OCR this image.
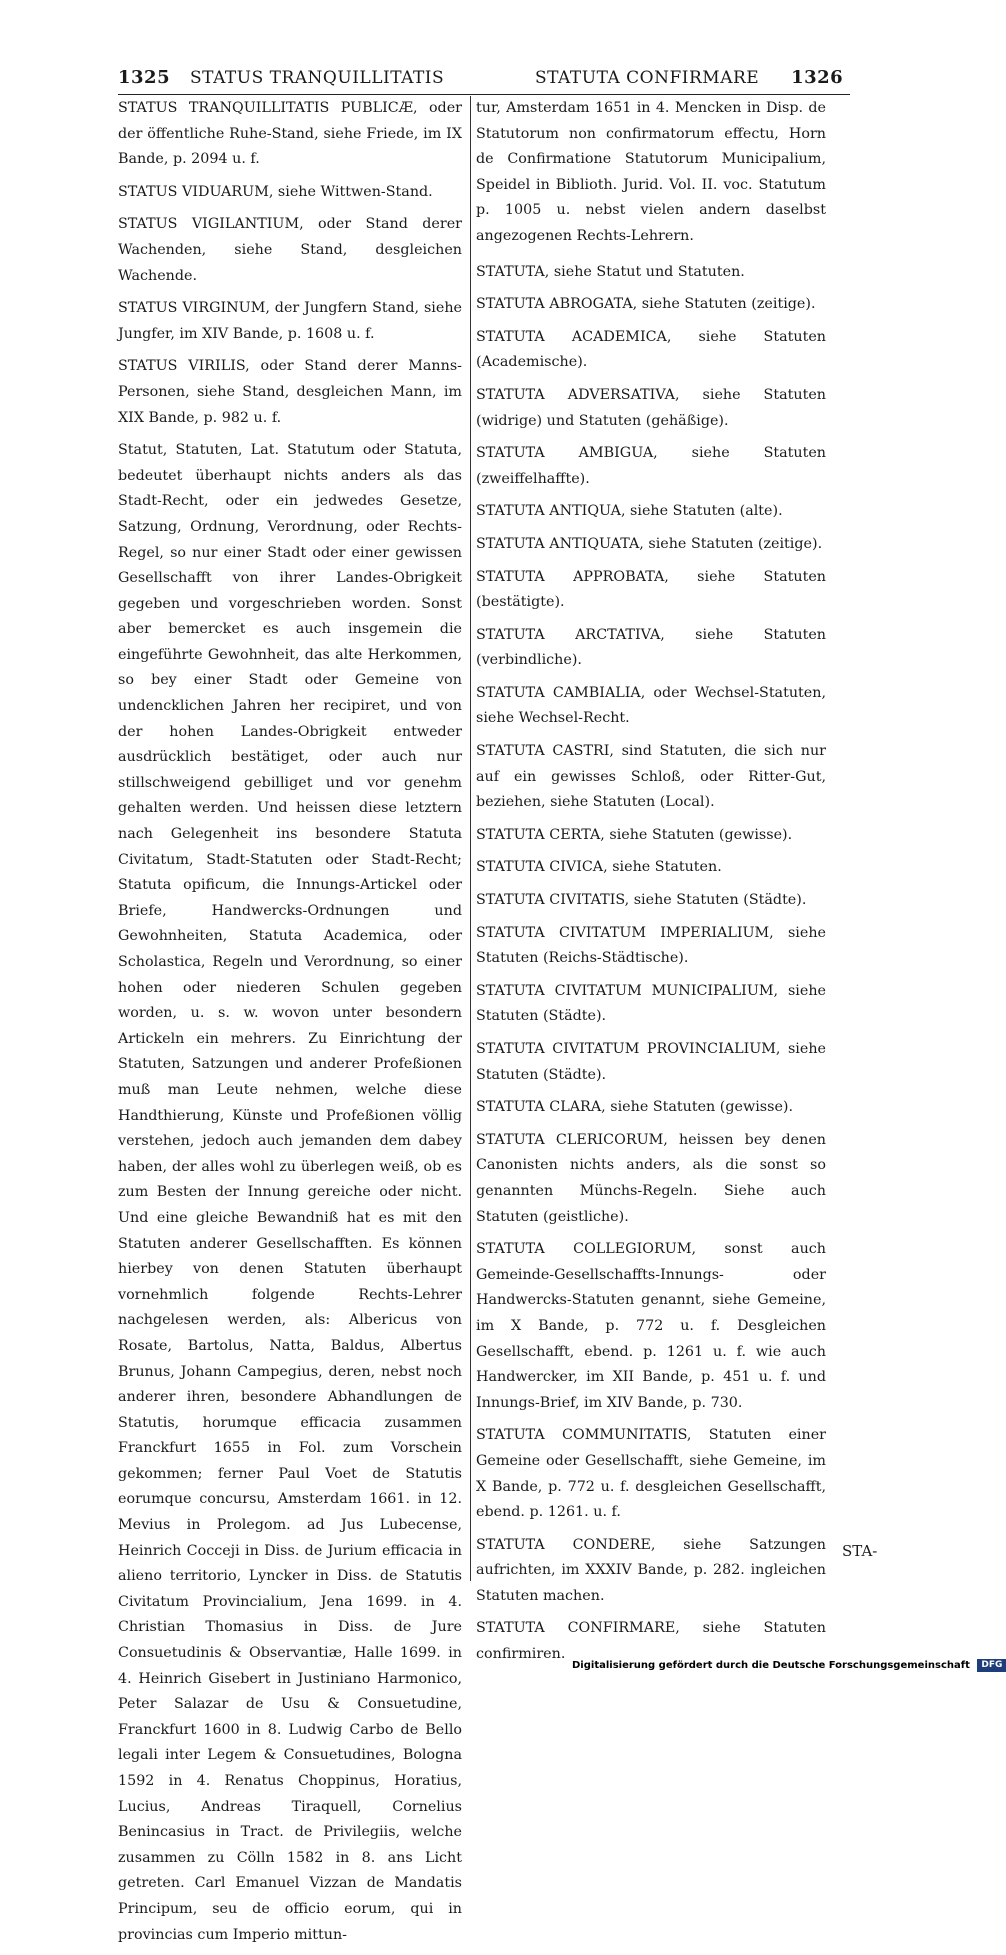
1325 STATUS TRANQUILLITATIS	STATUTA CONFIRMARE 1326

STATUS TRANQUILLITATIS PUBLICÆ, oder der öffentliche Ruhe-Stand, siehe Friede, im IX Bande, p. 2094 u. f.

STATUS VIDUARUM, siehe Wittwen-Stand.

STATUS VIGILANTIUM, oder Stand derer Wachenden, siehe Stand, desgleichen Wachende.

STATUS VIRGINUM, der Jungfern Stand, siehe Jungfer, im XIV Bande, p. 1608 u. f.

STATUS VIRILIS, oder Stand derer Manns-Personen, siehe Stand, desgleichen Mann, im XIX Bande, p. 982 u. f.

Statut, Statuten, Lat. Statutum oder Statuta, bedeutet überhaupt nichts anders als das Stadt-Recht, oder ein jedwedes Gesetze, Satzung, Ordnung, Verordnung, oder Rechts-Regel, so nur einer Stadt oder einer gewissen Gesellschafft von ihrer Landes-Obrigkeit gegeben und vorgeschrieben worden. Sonst aber bemercket es auch insgemein die eingeführte Gewohnheit, das alte Herkommen, so bey einer Stadt oder Gemeine von undencklichen Jahren her recipiret, und von der hohen Landes-Obrigkeit entweder ausdrücklich bestätiget, oder auch nur stillschweigend gebilliget und vor genehm gehalten werden. Und heissen diese letztern nach Gelegenheit ins besondere Statuta Civitatum, Stadt-Statuten oder Stadt-Recht; Statuta opificum, die Innungs-Artickel oder Briefe, Handwercks-Ordnungen und Gewohnheiten, Statuta Academica, oder Scholastica, Regeln und Verordnung, so einer hohen oder niederen Schulen gegeben worden, u. s. w. wovon unter besondern Artickeln ein mehrers. Zu Einrichtung der Statuten, Satzungen und anderer Profeßionen muß man Leute nehmen, welche diese Handthierung, Künste und Profeßionen völlig verstehen, jedoch auch jemanden dem dabey haben, der alles wohl zu überlegen weiß, ob es zum Besten der Innung gereiche oder nicht. Und eine gleiche Bewandniß hat es mit den Statuten anderer Gesellschafften. Es können hierbey von denen Statuten überhaupt vornehmlich folgende Rechts-Lehrer nachgelesen werden, als: Albericus von Rosate, Bartolus, Natta, Baldus, Albertus Brunus, Johann Campegius, deren, nebst noch anderer ihren, besondere Abhandlungen de Statutis, horumque efficacia zusammen Franckfurt 1655 in Fol. zum Vorschein gekommen; ferner Paul Voet de Statutis eorumque concursu, Amsterdam 1661. in 12. Mevius in Prolegom. ad Jus Lubecense, Heinrich Cocceji in Diss. de Jurium efficacia in alieno territorio, Lyncker in Diss. de Statutis Civitatum Provincialium, Jena 1699. in 4. Christian Thomasius in Diss. de Jure Consuetudinis & Observantiæ, Halle 1699. in 4. Heinrich Gisebert in Justiniano Harmonico, Peter Salazar de Usu & Consuetudine, Franckfurt 1600 in 8. Ludwig Carbo de Bello legali inter Legem & Consuetudines, Bologna 1592 in 4. Renatus Choppinus, Horatius, Lucius, Andreas Tiraquell, Cornelius Benincasius in Tract. de Privilegiis, welche zusammen zu Cölln 1582 in 8. ans Licht getreten. Carl Emanuel Vizzan de Mandatis Principum, seu de officio eorum, qui in provincias cum Imperio mittun-

tur, Amsterdam 1651 in 4. Mencken in Disp. de Statutorum non confirmatorum effectu, Horn de Confirmatione Statutorum Municipalium, Speidel in Biblioth. Jurid. Vol. II. voc. Statutum p. 1005 u. nebst vielen andern daselbst angezogenen Rechts-Lehrern.

STATUTA, siehe Statut und Statuten.

STATUTA ABROGATA, siehe Statuten (zeitige).

STATUTA ACADEMICA, siehe Statuten (Academische).

STATUTA ADVERSATIVA, siehe Statuten (widrige) und Statuten (gehäßige).

STATUTA AMBIGUA, siehe Statuten (zweiffelhaffte).

STATUTA ANTIQUA, siehe Statuten (alte).

STATUTA ANTIQUATA, siehe Statuten (zeitige).

STATUTA APPROBATA, siehe Statuten (bestätigte).

STATUTA ARCTATIVA, siehe Statuten (verbindliche).

STATUTA CAMBIALIA, oder Wechsel-Statuten, siehe Wechsel-Recht.

STATUTA CASTRI, sind Statuten, die sich nur auf ein gewisses Schloß, oder Ritter-Gut, beziehen, siehe Statuten (Local).

STATUTA CERTA, siehe Statuten (gewisse).

STATUTA CIVICA, siehe Statuten.

STATUTA CIVITATIS, siehe Statuten (Städte).

STATUTA CIVITATUM IMPERIALIUM, siehe Statuten (Reichs-Städtische).

STATUTA CIVITATUM MUNICIPALIUM, siehe Statuten (Städte).

STATUTA CIVITATUM PROVINCIALIUM, siehe Statuten (Städte).

STATUTA CLARA, siehe Statuten (gewisse).

STATUTA CLERICORUM, heissen bey denen Canonisten nichts anders, als die sonst so genannten Münchs-Regeln. Siehe auch Statuten (geistliche).

STATUTA COLLEGIORUM, sonst auch Gemeinde-Gesellschaffts-Innungs- oder Handwercks-Statuten genannt, siehe Gemeine, im X Bande, p. 772 u. f. Desgleichen Gesellschafft, ebend. p. 1261 u. f. wie auch Handwercker, im XII Bande, p. 451 u. f. und Innungs-Brief, im XIV Bande, p. 730.

STATUTA COMMUNITATIS, Statuten einer Gemeine oder Gesellschafft, siehe Gemeine, im X Bande, p. 772 u. f. desgleichen Gesellschafft, ebend. p. 1261. u. f.

STATUTA CONDERE, siehe Satzungen aufrichten, im XXXIV Bande, p. 282. ingleichen Statuten machen.

STATUTA CONFIRMARE, siehe Statuten confirmiren.

STA-
Digitalisierung gefördert durch die Deutsche Forschungsgemeinschaft DFG
